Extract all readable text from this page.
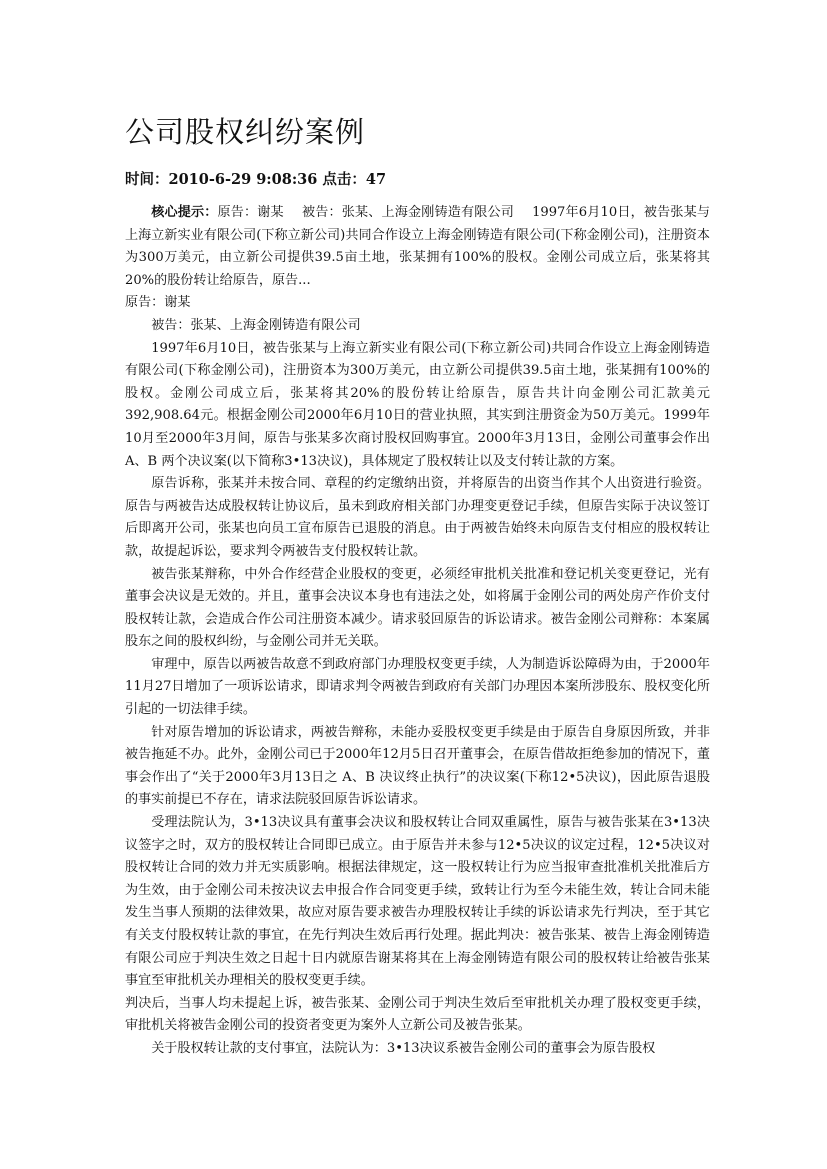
公司股权纠纷案例
时间：2010-6-29 9:08:36 点击：47

核心提示：原告：谢某 被告：张某、上海金刚铸造有限公司 1997年6月10日，被告张某与上海立新实业有限公司(下称立新公司)共同合作设立上海金刚铸造有限公司(下称金刚公司)，注册资本为300万美元，由立新公司提供39.5亩土地，张某拥有100%的股权。金刚公司成立后，张某将其20%的股份转让给原告，原告...

原告：谢某

被告：张某、上海金刚铸造有限公司

1997年6月10日，被告张某与上海立新实业有限公司(下称立新公司)共同合作设立上海金刚铸造有限公司(下称金刚公司)，注册资本为300万美元，由立新公司提供39.5亩土地，张某拥有100%的股权。金刚公司成立后，张某将其20%的股份转让给原告，原告共计向金刚公司汇款美元392,908.64元。根据金刚公司2000年6月10日的营业执照，其实到注册资金为50万美元。1999年10月至2000年3月间，原告与张某多次商讨股权回购事宜。2000年3月13日，金刚公司董事会作出 A、B 两个决议案(以下简称3•13决议)，具体规定了股权转让以及支付转让款的方案。

原告诉称，张某并未按合同、章程的约定缴纳出资，并将原告的出资当作其个人出资进行验资。原告与两被告达成股权转让协议后，虽未到政府相关部门办理变更登记手续，但原告实际于决议签订后即离开公司，张某也向员工宣布原告已退股的消息。由于两被告始终未向原告支付相应的股权转让款，故提起诉讼，要求判令两被告支付股权转让款。

被告张某辩称，中外合作经营企业股权的变更，必须经审批机关批准和登记机关变更登记，光有董事会决议是无效的。并且，董事会决议本身也有违法之处，如将属于金刚公司的两处房产作价支付股权转让款，会造成合作公司注册资本减少。请求驳回原告的诉讼请求。被告金刚公司辩称：本案属股东之间的股权纠纷，与金刚公司并无关联。

审理中，原告以两被告故意不到政府部门办理股权变更手续，人为制造诉讼障碍为由，于2000年11月27日增加了一项诉讼请求，即请求判令两被告到政府有关部门办理因本案所涉股东、股权变化所引起的一切法律手续。

针对原告增加的诉讼请求，两被告辩称，未能办妥股权变更手续是由于原告自身原因所致，并非被告拖延不办。此外，金刚公司已于2000年12月5日召开董事会，在原告借故拒绝参加的情况下，董事会作出了“关于2000年3月13日之 A、B 决议终止执行”的决议案(下称12•5决议)，因此原告退股的事实前提已不存在，请求法院驳回原告诉讼请求。

受理法院认为，3•13决议具有董事会决议和股权转让合同双重属性，原告与被告张某在3•13决议签字之时，双方的股权转让合同即已成立。由于原告并未参与12•5决议的议定过程，12•5决议对股权转让合同的效力并无实质影响。根据法律规定，这一股权转让行为应当报审查批准机关批准后方为生效，由于金刚公司未按决议去申报合作合同变更手续，致转让行为至今未能生效，转让合同未能发生当事人预期的法律效果，故应对原告要求被告办理股权转让手续的诉讼请求先行判决，至于其它有关支付股权转让款的事宜，在先行判决生效后再行处理。据此判决：被告张某、被告上海金刚铸造有限公司应于判决生效之日起十日内就原告谢某将其在上海金刚铸造有限公司的股权转让给被告张某事宜至审批机关办理相关的股权变更手续。

判决后，当事人均未提起上诉，被告张某、金刚公司于判决生效后至审批机关办理了股权变更手续，审批机关将被告金刚公司的投资者变更为案外人立新公司及被告张某。

关于股权转让款的支付事宜，法院认为：3•13决议系被告金刚公司的董事会为原告股权
